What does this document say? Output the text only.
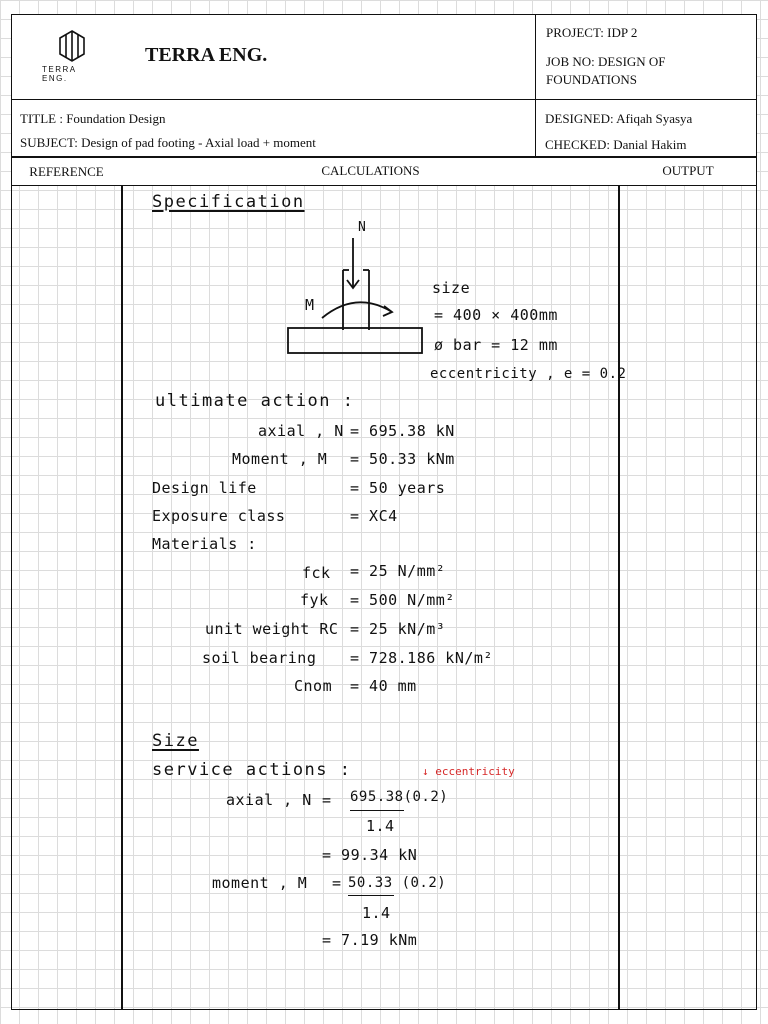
TERRA ENG.
TERRA ENG.
PROJECT: IDP 2
JOB NO: DESIGN OF
FOUNDATIONS
TITLE : Foundation Design
SUBJECT: Design of pad footing - Axial load + moment
DESIGNED: Afiqah Syasya
CHECKED: Danial Hakim
REFERENCE	CALCULATIONS	OUTPUT
Specification
N
M
size
= 400 × 400mm
ø bar = 12 mm
eccentricity , e = 0.2
ultimate action :
axial , N = 695.38 kN
Moment , M = 50.33 kNm
Design life	= 50 years
Exposure class	= XC4
Materials :
fck = 25 N/mm²
fyk = 500 N/mm²
unit weight RC = 25 kN/m³
soil bearing = 728.186 kN/m²
Cnom = 40 mm
Size
service actions :	↓ eccentricity
axial , N = 695.38(0.2)
1.4
= 99.34 kN
moment , M = 50.33 (0.2)
1.4
= 7.19 kNm
